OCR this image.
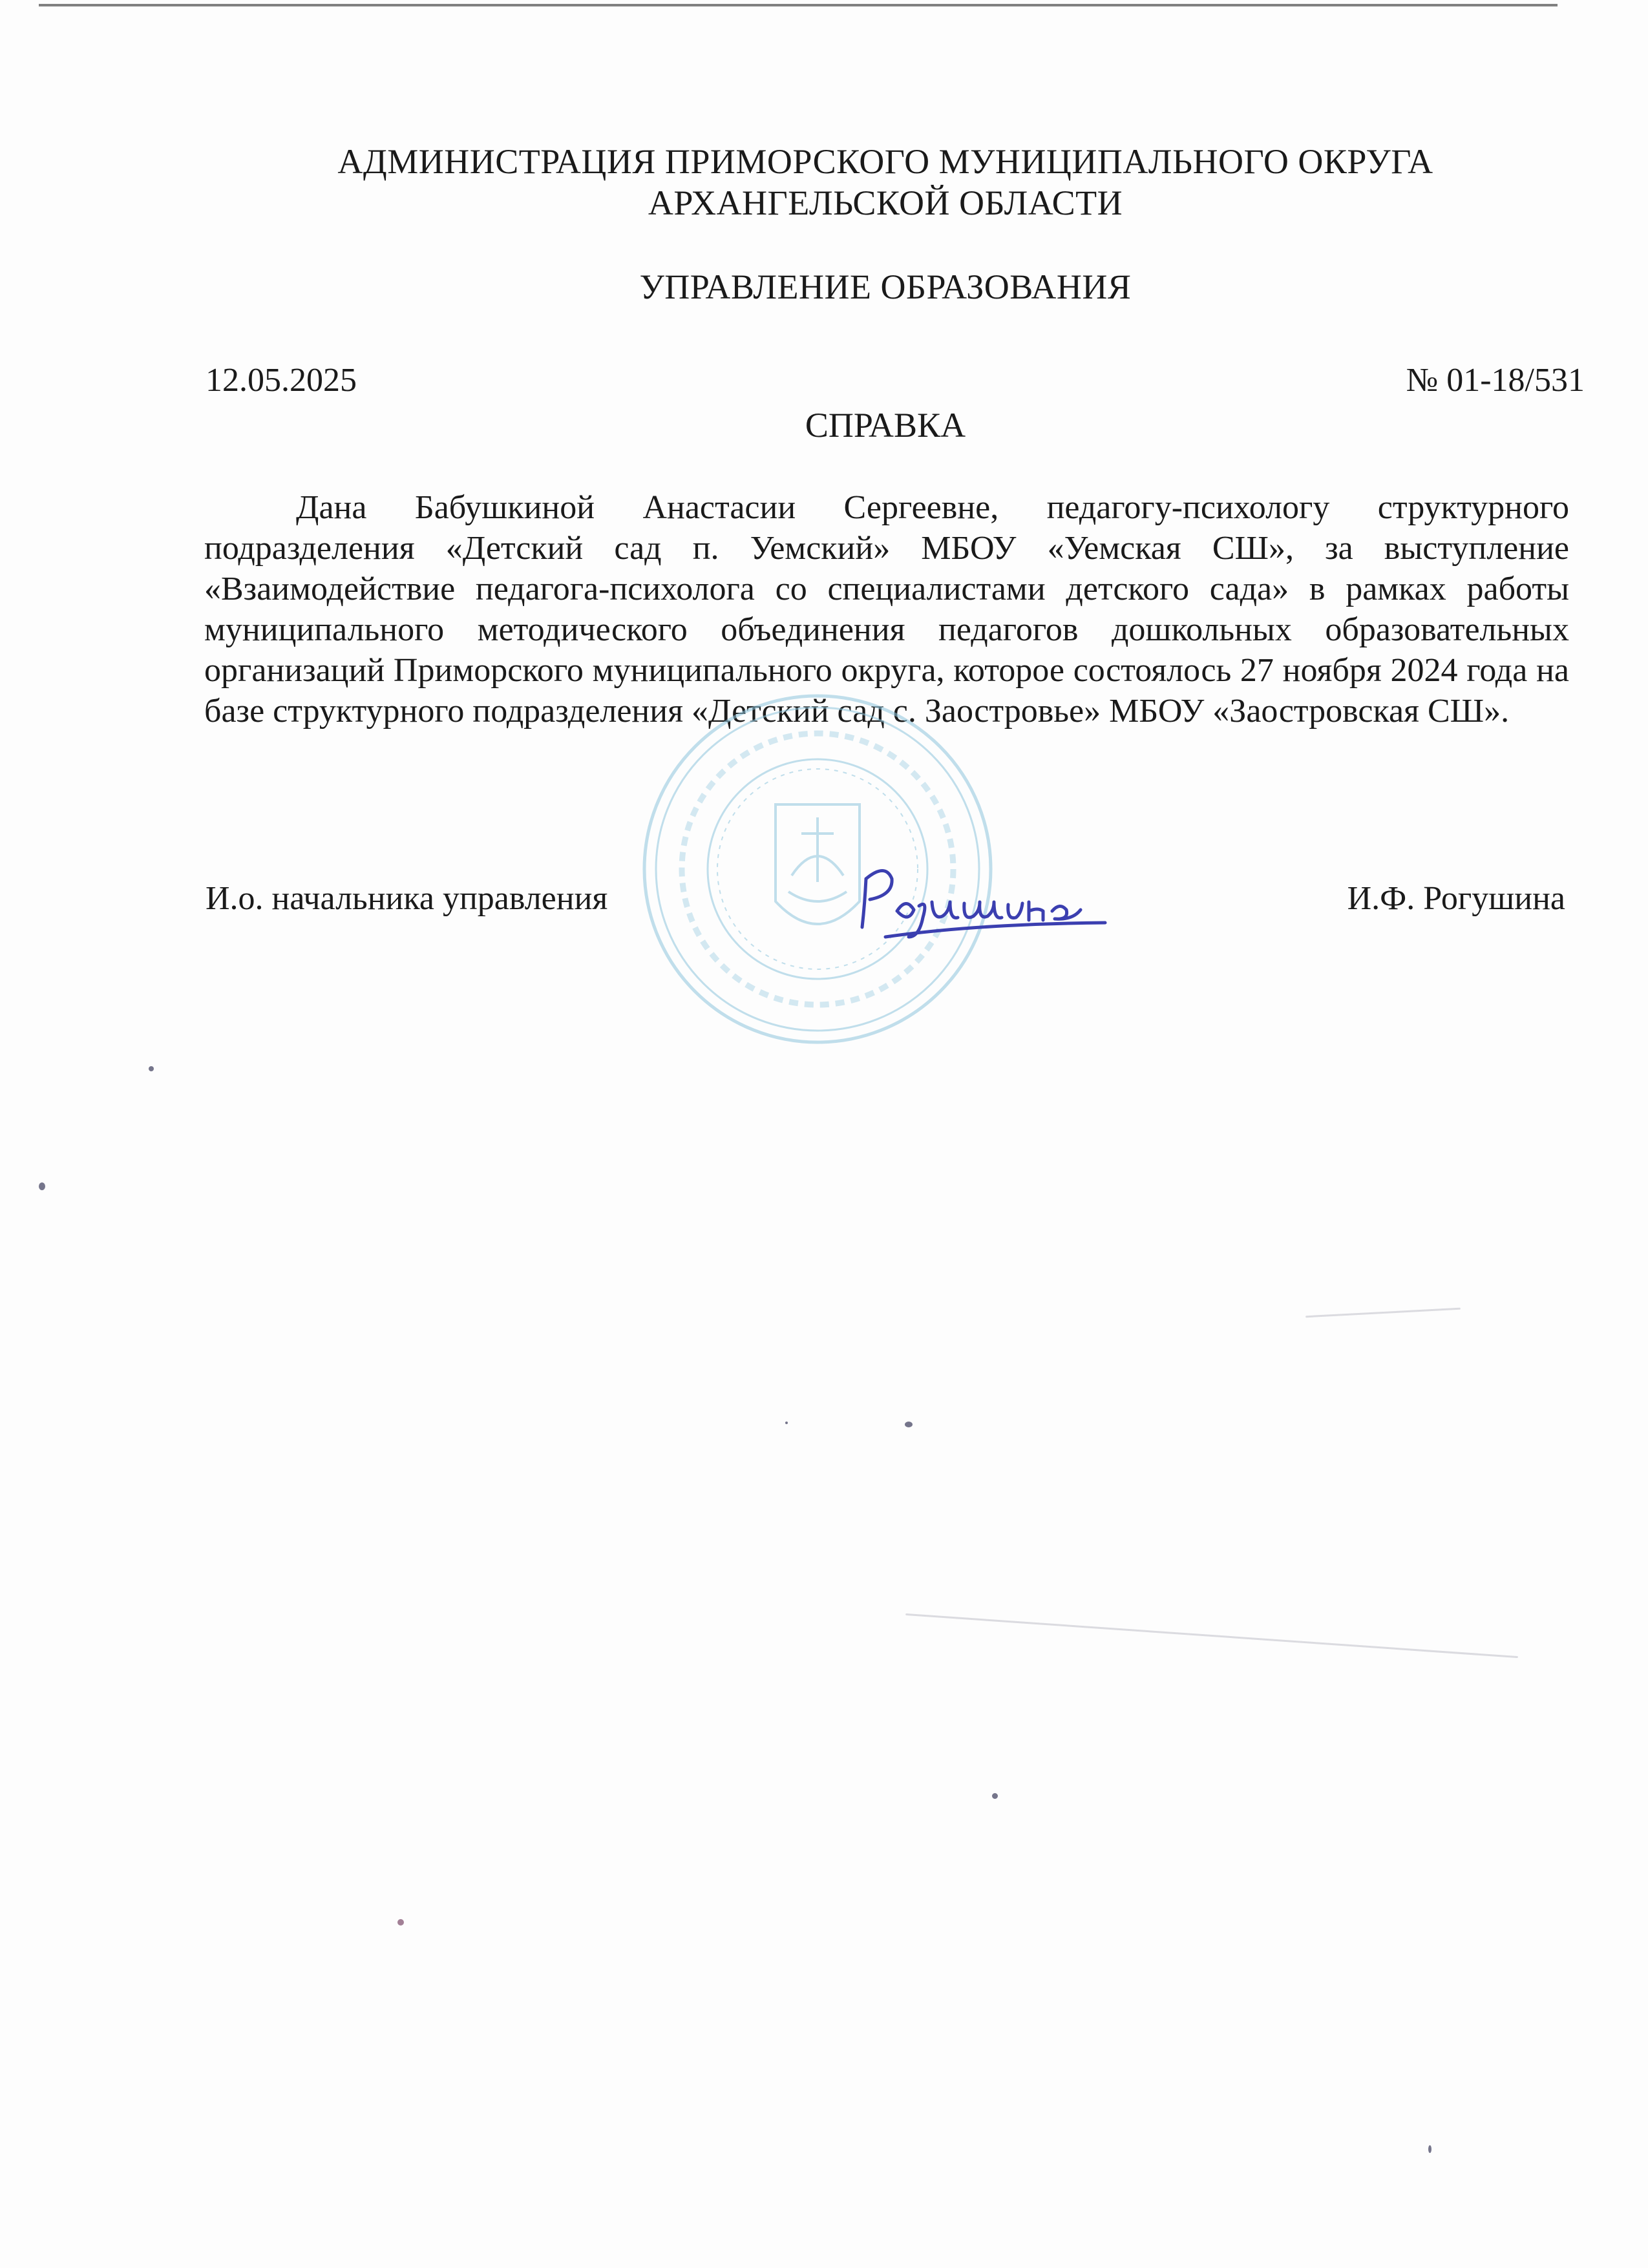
АДМИНИСТРАЦИЯ ПРИМОРСКОГО МУНИЦИПАЛЬНОГО ОКРУГА
АРХАНГЕЛЬСКОЙ ОБЛАСТИ
УПРАВЛЕНИЕ ОБРАЗОВАНИЯ
12.05.2025	№ 01-18/531
СПРАВКА
Дана Бабушкиной Анастасии Сергеевне, педагогу-психологу структурного подразделения «Детский сад п. Уемский» МБОУ «Уемская СШ», за выступление «Взаимодействие педагога-психолога со специалистами детского сада» в рамках работы муниципального методического объединения педагогов дошкольных образовательных организаций Приморского муниципального округа, которое состоялось 27 ноября 2024 года на базе структурного подразделения «Детский сад с. Заостровье» МБОУ «Заостровская СШ».
И.о. начальника управления	И.Ф. Рогушина
